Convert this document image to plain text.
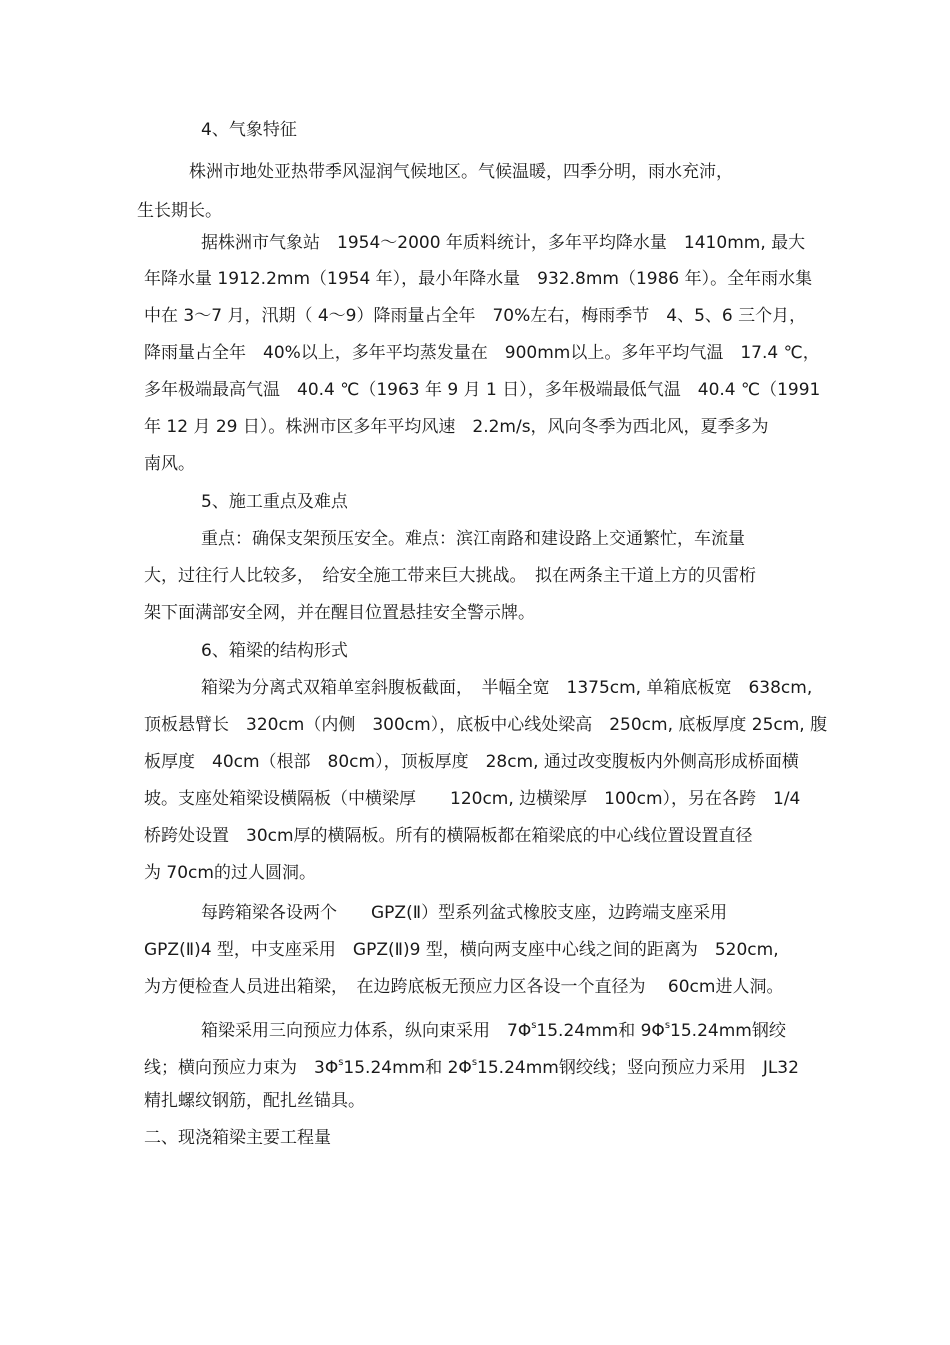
4、气象特征
株洲市地处亚热带季风湿润气候地区。气候温暖，四季分明，雨水充沛，
生长期长。
据株洲市气象站　1954～2000 年质料统计，多年平均降水量　1410mm, 最大
年降水量 1912.2mm（1954 年），最小年降水量　932.8mm（1986 年）。全年雨水集
中在 3～7 月，汛期（ 4～9）降雨量占全年　70%左右，梅雨季节　4、5、6 三个月，
降雨量占全年　40%以上，多年平均蒸发量在　900mm以上。多年平均气温　17.4 ℃，
多年极端最高气温　40.4 ℃（1963 年 9 月 1 日），多年极端最低气温　40.4 ℃（1991
年 12 月 29 日）。株洲市区多年平均风速　2.2m/s，风向冬季为西北风，夏季多为
南风。
5、施工重点及难点
重点：确保支架预压安全。难点：滨江南路和建设路上交通繁忙，车流量
大，过往行人比较多，　给安全施工带来巨大挑战。　拟在两条主干道上方的贝雷桁
架下面满部安全网，并在醒目位置悬挂安全警示牌。
6、箱梁的结构形式
箱梁为分离式双箱单室斜腹板截面，　半幅全宽　1375cm, 单箱底板宽　638cm,
顶板悬臂长　320cm（内侧　300cm），底板中心线处梁高　250cm, 底板厚度 25cm, 腹
板厚度　40cm（根部　80cm），顶板厚度　28cm, 通过改变腹板内外侧高形成桥面横
坡。支座处箱梁设横隔板（中横梁厚　　120cm, 边横梁厚　100cm），另在各跨　1/4
桥跨处设置　30cm厚的横隔板。所有的横隔板都在箱梁底的中心线位置设置直径
为 70cm的过人圆洞。
每跨箱梁各设两个　　GPZ(Ⅱ）型系列盆式橡胶支座，边跨端支座采用
GPZ(Ⅱ)4 型，中支座采用　GPZ(Ⅱ)9 型，横向两支座中心线之间的距离为　520cm,
为方便检查人员进出箱梁，　在边跨底板无预应力区各设一个直径为　 60cm进人洞。
箱梁采用三向预应力体系，纵向束采用　$7\Phi^s15.24mm$和 $9\Phi^s15.24mm$钢绞
线；横向预应力束为　$3\Phi^s15.24mm$和 $2\Phi^s15.24mm$钢绞线；竖向预应力采用　JL32
精扎螺纹钢筋，配扎丝锚具。
二、现浇箱梁主要工程量
